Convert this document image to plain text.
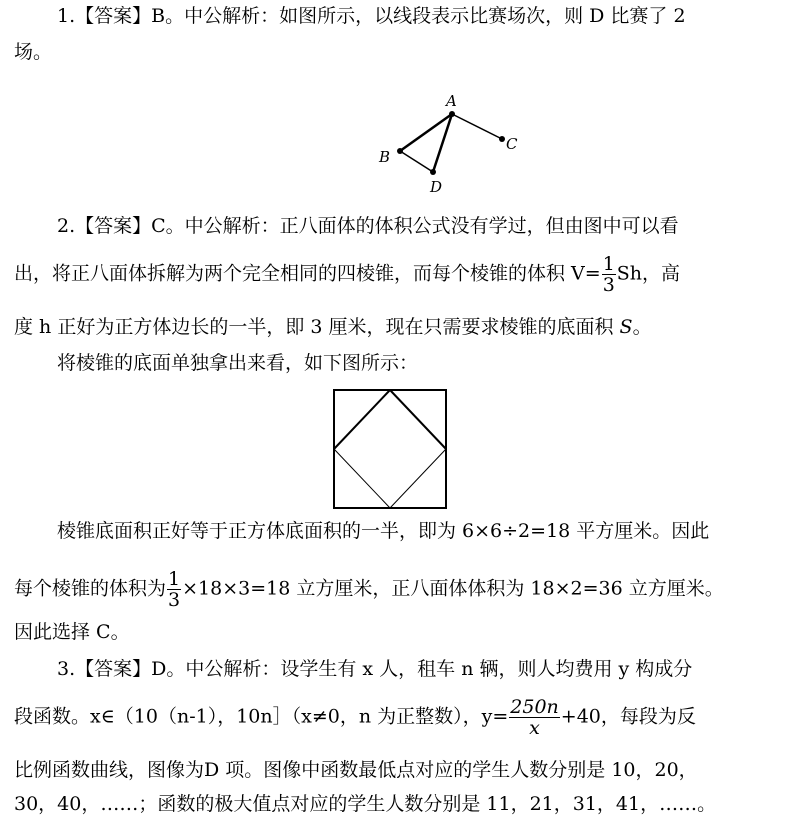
1.【答案】B。中公解析：如图所示，以线段表示比赛场次，则 D 比赛了 2
场。
A
B
C
D
2.【答案】C。中公解析：正八面体的体积公式没有学过，但由图中可以看
出，将正八面体拆解为两个完全相同的四棱锥，而每个棱锥的体积 $V= \frac{1}{3}$ Sh，高
度 h 正好为正方体边长的一半，即 3 厘米，现在只需要求棱锥的底面积 S。
将棱锥的底面单独拿出来看，如下图所示：
棱锥底面积正好等于正方体底面积的一半，即为 6×6÷2=18 平方厘米。因此
每个棱锥的体积为 $\frac{1}{3} \times 18\times 3=18$ 立方厘米，正八面体体积为 18×2=36 立方厘米。
因此选择 C。
3.【答案】D。中公解析：设学生有 x 人，租车 n 辆，则人均费用 y 构成分
段函数。x∈（10（n-1），10n］（x≠0，n 为正整数），$y= \frac{250n}{x} +40$，每段为反
比例函数曲线，图像为D 项。图像中函数最低点对应的学生人数分别是 10，20，
30，40，……；函数的极大值点对应的学生人数分别是 11，21，31，41，……。
